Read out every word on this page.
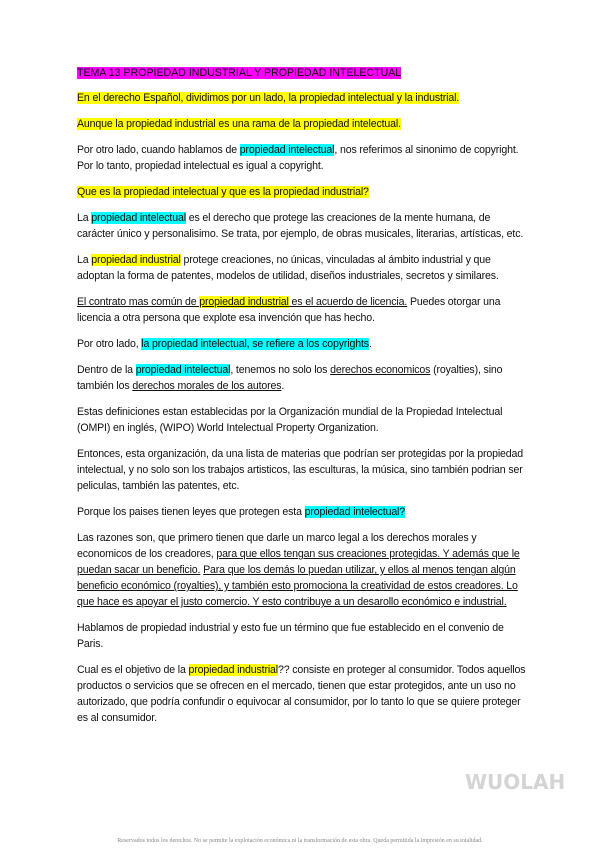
TEMA 13 PROPIEDAD INDUSTRIAL Y PROPIEDAD INTELECTUAL

En el derecho Español, dividimos por un lado, la propiedad intelectual y la industrial.

Aunque la propiedad industrial es una rama de la propiedad intelectual.

Por otro lado, cuando hablamos de propiedad intelectual, nos referimos al sinonimo de copyright. Por lo tanto, propiedad intelectual es igual a copyright.

Que es la propiedad intelectual y que es la propiedad industrial?

La propiedad intelectual es el derecho que protege las creaciones de la mente humana, de carácter único y personalisimo. Se trata, por ejemplo, de obras musicales, literarias, artísticas, etc.

La propiedad industrial protege creaciones, no únicas, vinculadas al ámbito industrial y que adoptan la forma de patentes, modelos de utilidad, diseños industriales, secretos y similares.

El contrato mas común de propiedad industrial es el acuerdo de licencia. Puedes otorgar una licencia a otra persona que explote esa invención que has hecho.

Por otro lado, la propiedad intelectual, se refiere a los copyrights.

Dentro de la propiedad intelectual, tenemos no solo los derechos economicos (royalties), sino también los derechos morales de los autores.

Estas definiciones estan establecidas por la Organización mundial de la Propiedad Intelectual (OMPI) en inglés, (WIPO) World Intelectual Property Organization.

Entonces, esta organización, da una lista de materias que podrían ser protegidas por la propiedad intelectual, y no solo son los trabajos artisticos, las esculturas, la música, sino también podrian ser peliculas, también las patentes, etc.

Porque los paises tienen leyes que protegen esta propiedad intelectual?

Las razones son, que primero tienen que darle un marco legal a los derechos morales y economicos de los creadores, para que ellos tengan sus creaciones protegidas. Y además que le puedan sacar un beneficio. Para que los demás lo puedan utilizar, y ellos al menos tengan algún beneficio económico (royalties), y también esto promociona la creatividad de estos creadores. Lo que hace es apoyar el justo comercio. Y esto contribuye a un desarollo económico e industrial.

Hablamos de propiedad industrial y esto fue un término que fue establecido en el convenio de Paris.

Cual es el objetivo de la propiedad industrial?? consiste en proteger al consumidor. Todos aquellos productos o servicios que se ofrecen en el mercado, tienen que estar protegidos, ante un uso no autorizado, que podría confundir o equivocar al consumidor, por lo tanto lo que se quiere proteger es al consumidor.

WUOLAH
Reservados todos los derechos. No se permite la explotación económica ni la transformación de esta obra. Queda permitida la impresión en su totalidad.
